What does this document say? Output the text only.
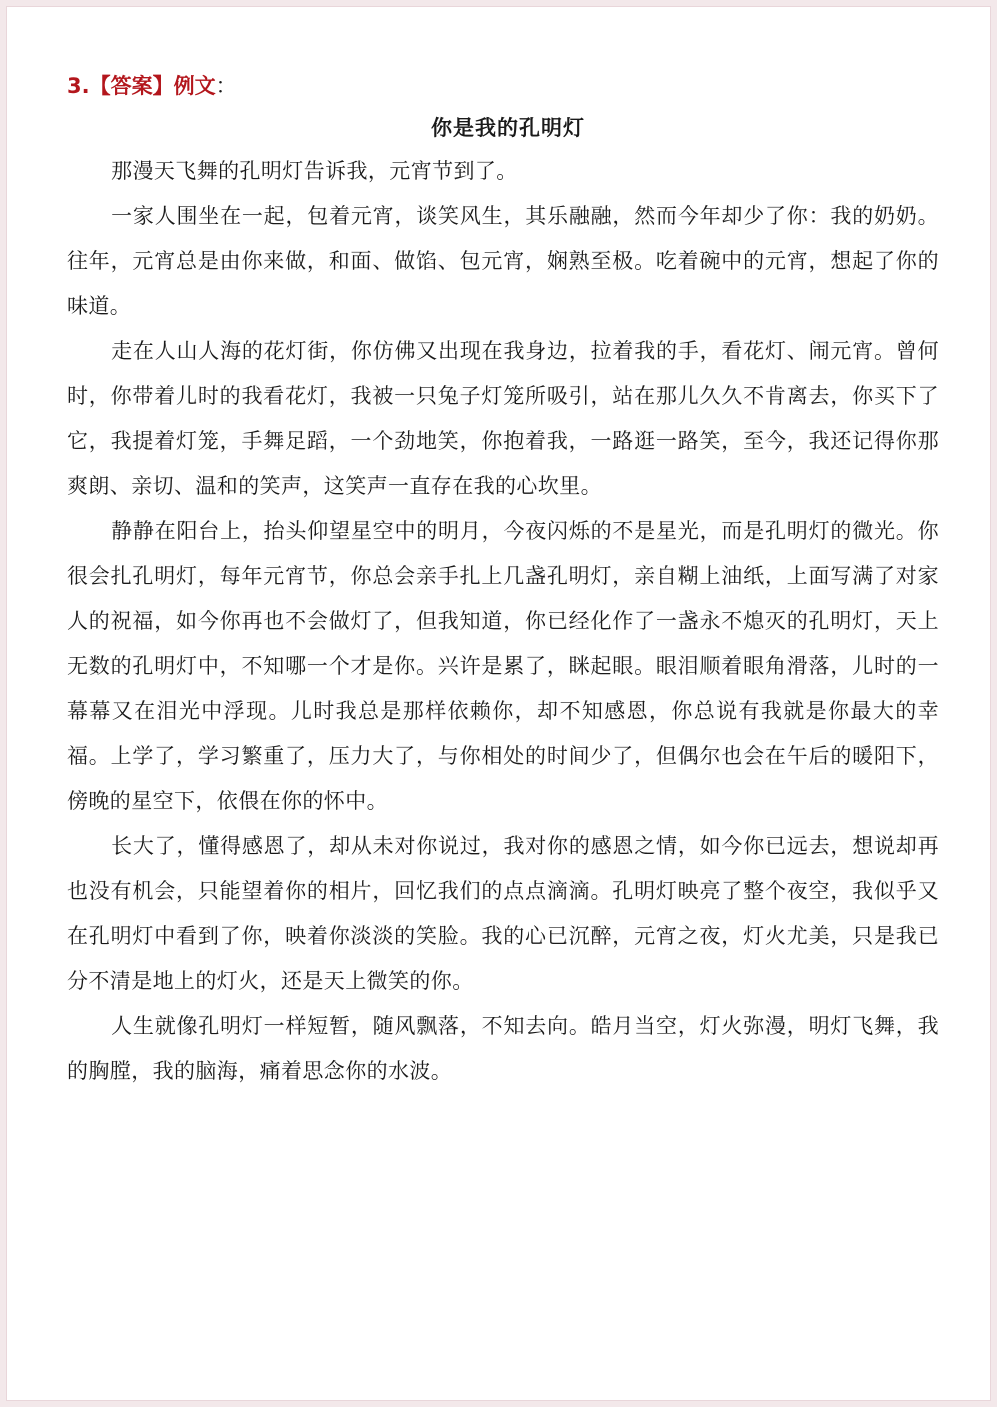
3.【答案】例文：
你是我的孔明灯

那漫天飞舞的孔明灯告诉我，元宵节到了。

一家人围坐在一起，包着元宵，谈笑风生，其乐融融，然而今年却少了你：我的奶奶。往年，元宵总是由你来做，和面、做馅、包元宵，娴熟至极。吃着碗中的元宵，想起了你的味道。

走在人山人海的花灯街，你仿佛又出现在我身边，拉着我的手，看花灯、闹元宵。曾何时，你带着儿时的我看花灯，我被一只兔子灯笼所吸引，站在那儿久久不肯离去，你买下了它，我提着灯笼，手舞足蹈，一个劲地笑，你抱着我，一路逛一路笑，至今，我还记得你那爽朗、亲切、温和的笑声，这笑声一直存在我的心坎里。

静静在阳台上，抬头仰望星空中的明月，今夜闪烁的不是星光，而是孔明灯的微光。你很会扎孔明灯，每年元宵节，你总会亲手扎上几盏孔明灯，亲自糊上油纸，上面写满了对家人的祝福，如今你再也不会做灯了，但我知道，你已经化作了一盏永不熄灭的孔明灯，天上无数的孔明灯中，不知哪一个才是你。兴许是累了，眯起眼。眼泪顺着眼角滑落，儿时的一幕幕又在泪光中浮现。儿时我总是那样依赖你，却不知感恩，你总说有我就是你最大的幸福。上学了，学习繁重了，压力大了，与你相处的时间少了，但偶尔也会在午后的暖阳下，傍晚的星空下，依偎在你的怀中。

长大了，懂得感恩了，却从未对你说过，我对你的感恩之情，如今你已远去，想说却再也没有机会，只能望着你的相片，回忆我们的点点滴滴。孔明灯映亮了整个夜空，我似乎又在孔明灯中看到了你，映着你淡淡的笑脸。我的心已沉醉，元宵之夜，灯火尤美，只是我已分不清是地上的灯火，还是天上微笑的你。

人生就像孔明灯一样短暂，随风飘落，不知去向。皓月当空，灯火弥漫，明灯飞舞，我的胸膛，我的脑海，痛着思念你的水波。
